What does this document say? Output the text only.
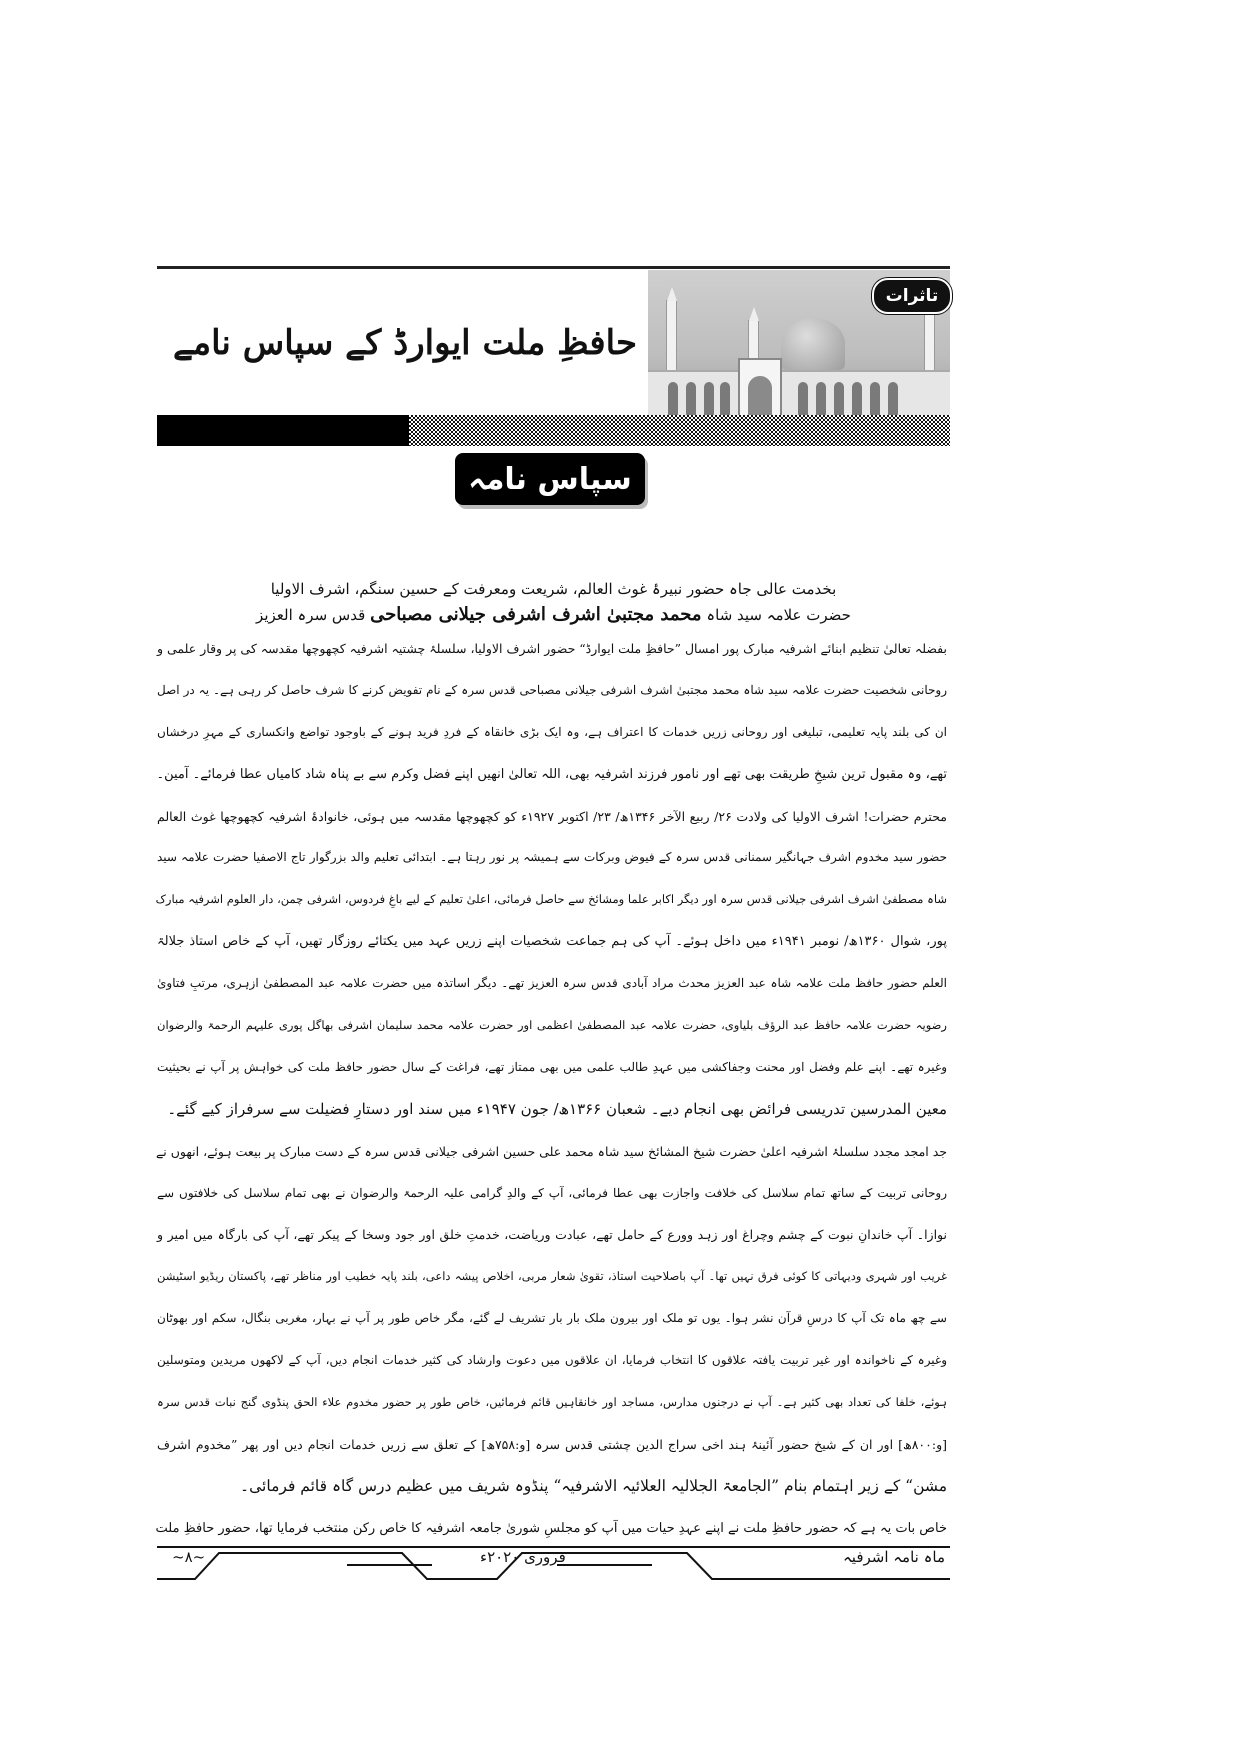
تاثرات
حافظِ ملت ایوارڈ کے سپاس نامے
سپاس نامہ
بخدمت عالی جاہ حضور نبیرۂ غوث العالم، شریعت ومعرفت کے حسین سنگم، اشرف الاولیا
حضرت علامہ سید شاہ محمد مجتبیٰ اشرف اشرفی جیلانی مصباحی قدس سرہ العزیز
بفضلہ تعالیٰ تنظیم ابنائے اشرفیہ مبارک پور امسال ”حافظِ ملت ایوارڈ“ حضور اشرف الاولیا، سلسلۂ چشتیہ اشرفیہ کچھوچھا مقدسہ کی پر وقار علمی و
روحانی شخصیت حضرت علامہ سید شاہ محمد مجتبیٰ اشرف اشرفی جیلانی مصباحی قدس سرہ کے نام تفویض کرنے کا شرف حاصل کر رہی ہے۔ یہ در اصل
ان کی بلند پایہ تعلیمی، تبلیغی اور روحانی زریں خدمات کا اعتراف ہے، وہ ایک بڑی خانقاہ کے فردِ فرید ہونے کے باوجود تواضع وانکساری کے مہرِ درخشاں
تھے، وہ مقبول ترین شیخِ طریقت بھی تھے اور نامور فرزند اشرفیہ بھی، اللہ تعالیٰ انھیں اپنے فضل وکرم سے بے پناہ شاد کامیاں عطا فرمائے۔ آمین۔
محترم حضرات! اشرف الاولیا کی ولادت ۲۶/ ربیع الآخر ۱۳۴۶ھ/ ۲۳/ اکتوبر ۱۹۲۷ء کو کچھوچھا مقدسہ میں ہوئی، خانوادۂ اشرفیہ کچھوچھا غوث العالم
حضور سید مخدوم اشرف جہانگیر سمنانی قدس سرہ کے فیوض وبرکات سے ہمیشہ پر نور رہتا ہے۔ ابتدائی تعلیم والد بزرگوار تاج الاصفیا حضرت علامہ سید
شاہ مصطفیٰ اشرف اشرفی جیلانی قدس سرہ اور دیگر اکابر علما ومشائخ سے حاصل فرمائی، اعلیٰ تعلیم کے لیے باغِ فردوس، اشرفی چمن، دار العلوم اشرفیہ مبارک
پور، شوال ۱۳۶۰ھ/ نومبر ۱۹۴۱ء میں داخل ہوئے۔ آپ کی ہم جماعت شخصیات اپنے زریں عہد میں یکتائے روزگار تھیں، آپ کے خاص استاذ جلالۃ
العلم حضور حافظ ملت علامہ شاہ عبد العزیز محدث مراد آبادی قدس سرہ العزیز تھے۔ دیگر اساتذہ میں حضرت علامہ عبد المصطفیٰ ازہری، مرتبِ فتاویٰ
رضویہ حضرت علامہ حافظ عبد الرؤف بلیاوی، حضرت علامہ عبد المصطفیٰ اعظمی اور حضرت علامہ محمد سلیمان اشرفی بھاگل پوری علیہم الرحمۃ والرضوان
وغیرہ تھے۔ اپنے علم وفضل اور محنت وجفاکشی میں عہدِ طالب علمی میں بھی ممتاز تھے، فراغت کے سال حضور حافظ ملت کی خواہش پر آپ نے بحیثیت
معین المدرسین تدریسی فرائض بھی انجام دیے۔ شعبان ۱۳۶۶ھ/ جون ۱۹۴۷ء میں سند اور دستارِ فضیلت سے سرفراز کیے گئے۔
جد امجد مجدد سلسلۂ اشرفیہ اعلیٰ حضرت شیخ المشائخ سید شاہ محمد علی حسین اشرفی جیلانی قدس سرہ کے دست مبارک پر بیعت ہوئے، انھوں نے
روحانی تربیت کے ساتھ تمام سلاسل کی خلافت واجازت بھی عطا فرمائی، آپ کے والدِ گرامی علیہ الرحمۃ والرضوان نے بھی تمام سلاسل کی خلافتوں سے
نوازا۔ آپ خاندانِ نبوت کے چشم وچراغ اور زہد وورع کے حامل تھے، عبادت وریاضت، خدمتِ خلق اور جود وسخا کے پیکر تھے، آپ کی بارگاہ میں امیر و
غریب اور شہری ودیہاتی کا کوئی فرق نہیں تھا۔ آپ باصلاحیت استاذ، تقویٰ شعار مربی، اخلاص پیشہ داعی، بلند پایہ خطیب اور مناظر تھے، پاکستان ریڈیو اسٹیشن
سے چھ ماہ تک آپ کا درسِ قرآن نشر ہوا۔ یوں تو ملک اور بیرون ملک بار بار تشریف لے گئے، مگر خاص طور پر آپ نے بہار، مغربی بنگال، سکم اور بھوٹان
وغیرہ کے ناخواندہ اور غیر تربیت یافتہ علاقوں کا انتخاب فرمایا، ان علاقوں میں دعوت وارشاد کی کثیر خدمات انجام دیں، آپ کے لاکھوں مریدین ومتوسلین
ہوئے، خلفا کی تعداد بھی کثیر ہے۔ آپ نے درجنوں مدارس، مساجد اور خانقاہیں قائم فرمائیں، خاص طور پر حضور مخدوم علاء الحق پنڈوی گنج نبات قدس سرہ
[و:۸۰۰ھ] اور ان کے شیخ حضور آئینۂ ہند اخی سراج الدین چشتی قدس سرہ [و:۷۵۸ھ] کے تعلق سے زریں خدمات انجام دیں اور پھر ”مخدوم اشرف
مشن“ کے زیر اہتمام بنام ”الجامعۃ الجلالیہ العلائیہ الاشرفیہ“ پنڈوہ شریف میں عظیم درس گاہ قائم فرمائی۔
خاص بات یہ ہے کہ حضور حافظِ ملت نے اپنے عہدِ حیات میں آپ کو مجلسِ شوریٰ جامعہ اشرفیہ کا خاص رکن منتخب فرمایا تھا، حضور حافظِ ملت
~۸~	فروری ۲۰۲۰ء	ماہ نامہ اشرفیہ
